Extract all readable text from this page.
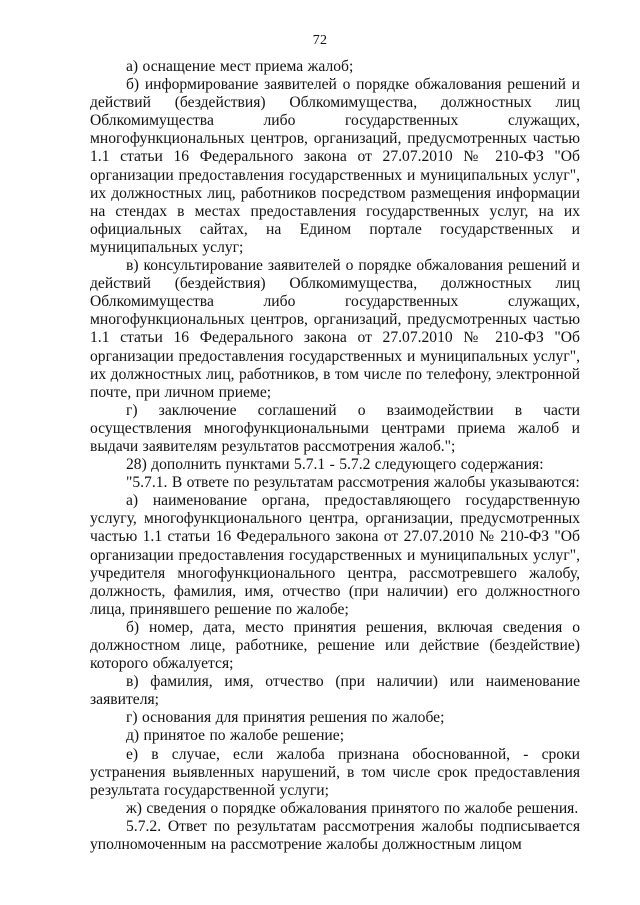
72

а) оснащение мест приема жалоб;

б) информирование заявителей о порядке обжалования решений и действий (бездействия) Облкомимущества, должностных лиц Облкомимущества либо государственных служащих, многофункциональных центров, организаций, предусмотренных частью 1.1 статьи 16 Федерального закона от 27.07.2010 № 210-ФЗ "Об организации предоставления государственных и муниципальных услуг", их должностных лиц, работников посредством размещения информации на стендах в местах предоставления государственных услуг, на их официальных сайтах, на Едином портале государственных и муниципальных услуг;

в) консультирование заявителей о порядке обжалования решений и действий (бездействия) Облкомимущества, должностных лиц Облкомимущества либо государственных служащих, многофункциональных центров, организаций, предусмотренных частью 1.1 статьи 16 Федерального закона от 27.07.2010 № 210-ФЗ "Об организации предоставления государственных и муниципальных услуг", их должностных лиц, работников, в том числе по телефону, электронной почте, при личном приеме;

г) заключение соглашений о взаимодействии в части осуществления многофункциональными центрами приема жалоб и выдачи заявителям результатов рассмотрения жалоб.";

28) дополнить пунктами 5.7.1 - 5.7.2 следующего содержания:

"5.7.1. В ответе по результатам рассмотрения жалобы указываются:

а) наименование органа, предоставляющего государственную услугу, многофункционального центра, организации, предусмотренных частью 1.1 статьи 16 Федерального закона от 27.07.2010 № 210-ФЗ "Об организации предоставления государственных и муниципальных услуг", учредителя многофункционального центра, рассмотревшего жалобу, должность, фамилия, имя, отчество (при наличии) его должностного лица, принявшего решение по жалобе;

б) номер, дата, место принятия решения, включая сведения о должностном лице, работнике, решение или действие (бездействие) которого обжалуется;

в) фамилия, имя, отчество (при наличии) или наименование заявителя;

г) основания для принятия решения по жалобе;

д) принятое по жалобе решение;

е) в случае, если жалоба признана обоснованной, - сроки устранения выявленных нарушений, в том числе срок предоставления результата государственной услуги;

ж) сведения о порядке обжалования принятого по жалобе решения.

5.7.2. Ответ по результатам рассмотрения жалобы подписывается уполномоченным на рассмотрение жалобы должностным лицом
